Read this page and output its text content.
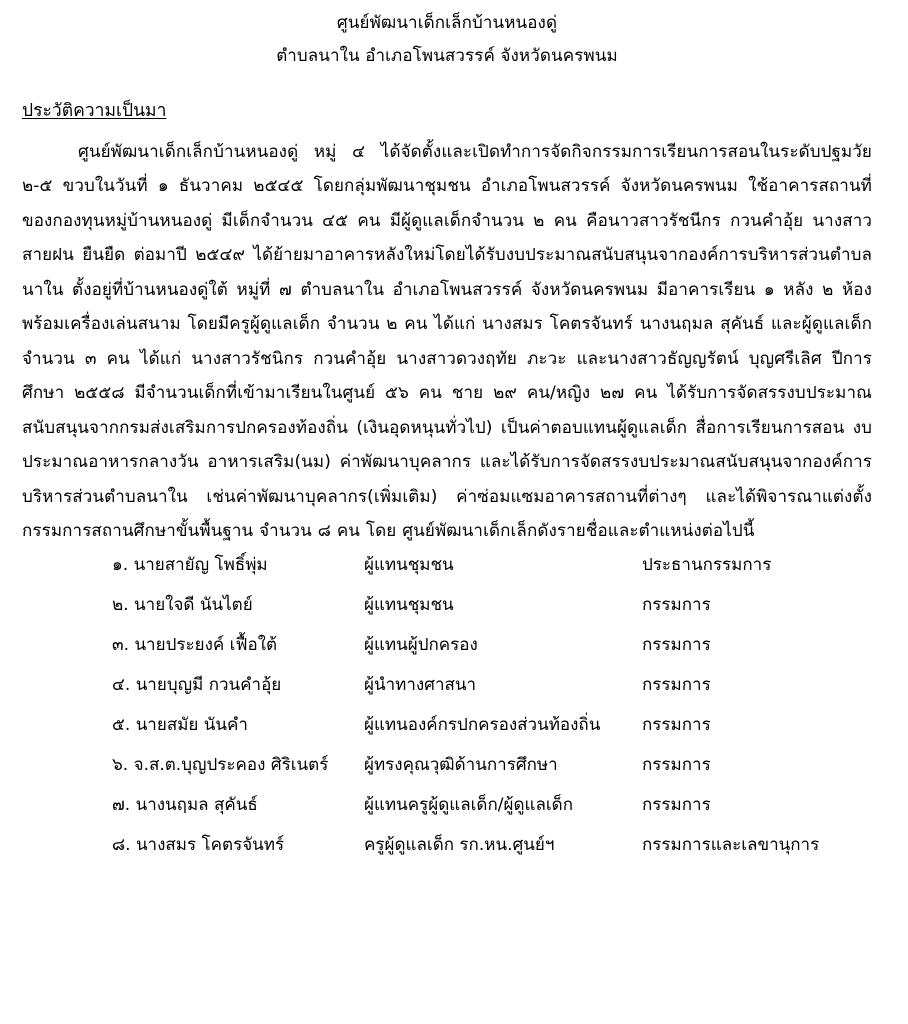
ศูนย์พัฒนาเด็กเล็กบ้านหนองดู่
ตำบลนาใน อำเภอโพนสวรรค์ จังหวัดนครพนม
ประวัติความเป็นมา
ศูนย์พัฒนาเด็กเล็กบ้านหนองดู่ หมู่ ๔ ได้จัดตั้งและเปิดทำการจัดกิจกรรมการเรียนการสอนในระดับปฐมวัย ๒-๕ ขวบในวันที่ ๑ ธันวาคม ๒๕๔๕ โดยกลุ่มพัฒนาชุมชน อำเภอโพนสวรรค์ จังหวัดนครพนม ใช้อาคารสถานที่ของกองทุนหมู่บ้านหนองดู่ มีเด็กจำนวน ๔๕ คน มีผู้ดูแลเด็กจำนวน ๒ คน คือนาวสาวรัชนีกร กวนคำอุ้ย นางสาวสายฝน ยืนยืด ต่อมาปี ๒๕๔๙ ได้ย้ายมาอาคารหลังใหม่โดยได้รับงบประมาณสนับสนุนจากองค์การบริหารส่วนตำบลนาใน ตั้งอยู่ที่บ้านหนองดู่ใต้ หมู่ที่ ๗ ตำบลนาใน อำเภอโพนสวรรค์ จังหวัดนครพนม มีอาคารเรียน ๑ หลัง ๒ ห้อง พร้อมเครื่องเล่นสนาม โดยมีครูผู้ดูแลเด็ก จำนวน ๒ คน ได้แก่ นางสมร โคตรจันทร์ นางนฤมล สุคันธ์ และผู้ดูแลเด็กจำนวน ๓ คน ได้แก่ นางสาวรัชนิกร กวนคำอุ้ย นางสาวดวงฤทัย ภะวะ และนางสาวธัญญรัตน์ บุญศรีเลิศ ปีการศึกษา ๒๕๕๘ มีจำนวนเด็กที่เข้ามาเรียนในศูนย์ ๕๖ คน ชาย ๒๙ คน/หญิง ๒๗ คน ได้รับการจัดสรรงบประมาณสนับสนุนจากกรมส่งเสริมการปกครองท้องถิ่น (เงินอุดหนุนทั่วไป) เป็นค่าตอบแทนผู้ดูแลเด็ก สื่อการเรียนการสอน งบประมาณอาหารกลางวัน อาหารเสริม(นม) ค่าพัฒนาบุคลากร และได้รับการจัดสรรงบประมาณสนับสนุนจากองค์การบริหารส่วนตำบลนาใน เช่นค่าพัฒนาบุคลากร(เพิ่มเติม) ค่าซ่อมแซมอาคารสถานที่ต่างๆ และได้พิจารณาแต่งตั้งกรรมการสถานศึกษาขั้นพื้นฐาน จำนวน ๘ คน โดย ศูนย์พัฒนาเด็กเล็กดังรายชื่อและตำแหน่งต่อไปนี้
๑. นายสายัญ โพธิ์พุ่ม	ผู้แทนชุมชน	ประธานกรรมการ
๒. นายใจดี นันไตย์	ผู้แทนชุมชน	กรรมการ
๓. นายประยงค์ เฟื้อใต้	ผู้แทนผู้ปกครอง	กรรมการ
๔. นายบุญมี กวนคำอุ้ย	ผู้นำทางศาสนา	กรรมการ
๕. นายสมัย นันคำ	ผู้แทนองค์กรปกครองส่วนท้องถิ่น	กรรมการ
๖. จ.ส.ต.บุญประคอง ศิริเนตร์	ผู้ทรงคุณวุฒิด้านการศึกษา	กรรมการ
๗. นางนฤมล สุคันธ์	ผู้แทนครูผู้ดูแลเด็ก/ผู้ดูแลเด็ก	กรรมการ
๘. นางสมร โคตรจันทร์	ครูผู้ดูแลเด็ก รก.หน.ศูนย์ฯ	กรรมการและเลขานุการ
